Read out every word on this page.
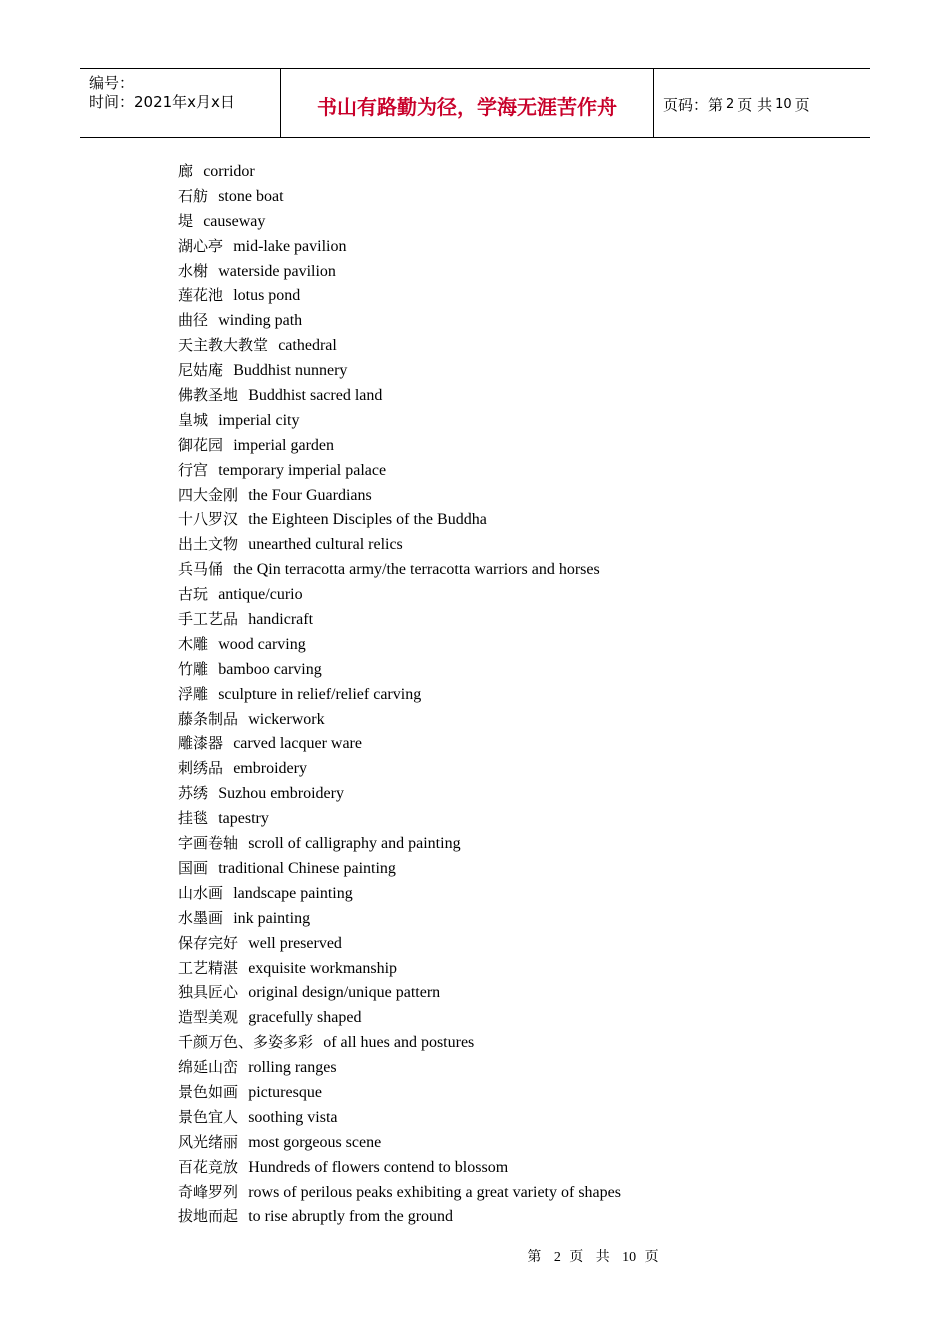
编号：
时间：2021年x月x日	书山有路勤为径，学海无涯苦作舟	页码：第 2 页 共 10 页
廊 corridor
石舫 stone boat
堤 causeway
湖心亭 mid-lake pavilion
水榭 waterside pavilion
莲花池 lotus pond
曲径 winding path
天主教大教堂 cathedral
尼姑庵 Buddhist nunnery
佛教圣地 Buddhist sacred land
皇城 imperial city
御花园 imperial garden
行宫 temporary imperial palace
四大金刚 the Four Guardians
十八罗汉 the Eighteen Disciples of the Buddha
出土文物 unearthed cultural relics
兵马俑 the Qin terracotta army/the terracotta warriors and horses
古玩 antique/curio
手工艺品 handicraft
木雕 wood carving
竹雕 bamboo carving
浮雕 sculpture in relief/relief carving
藤条制品 wickerwork
雕漆器 carved lacquer ware
刺绣品 embroidery
苏绣 Suzhou embroidery
挂毯 tapestry
字画卷轴 scroll of calligraphy and painting
国画 traditional Chinese painting
山水画 landscape painting
水墨画 ink painting
保存完好 well preserved
工艺精湛 exquisite workmanship
独具匠心 original design/unique pattern
造型美观 gracefully shaped
千颜万色、多姿多彩 of all hues and postures
绵延山峦 rolling ranges
景色如画 picturesque
景色宜人 soothing vista
风光绪丽 most gorgeous scene
百花竞放 Hundreds of flowers contend to blossom
奇峰罗列 rows of perilous peaks exhibiting a great variety of shapes
拔地而起 to rise abruptly from the ground
第 2 页 共 10 页
